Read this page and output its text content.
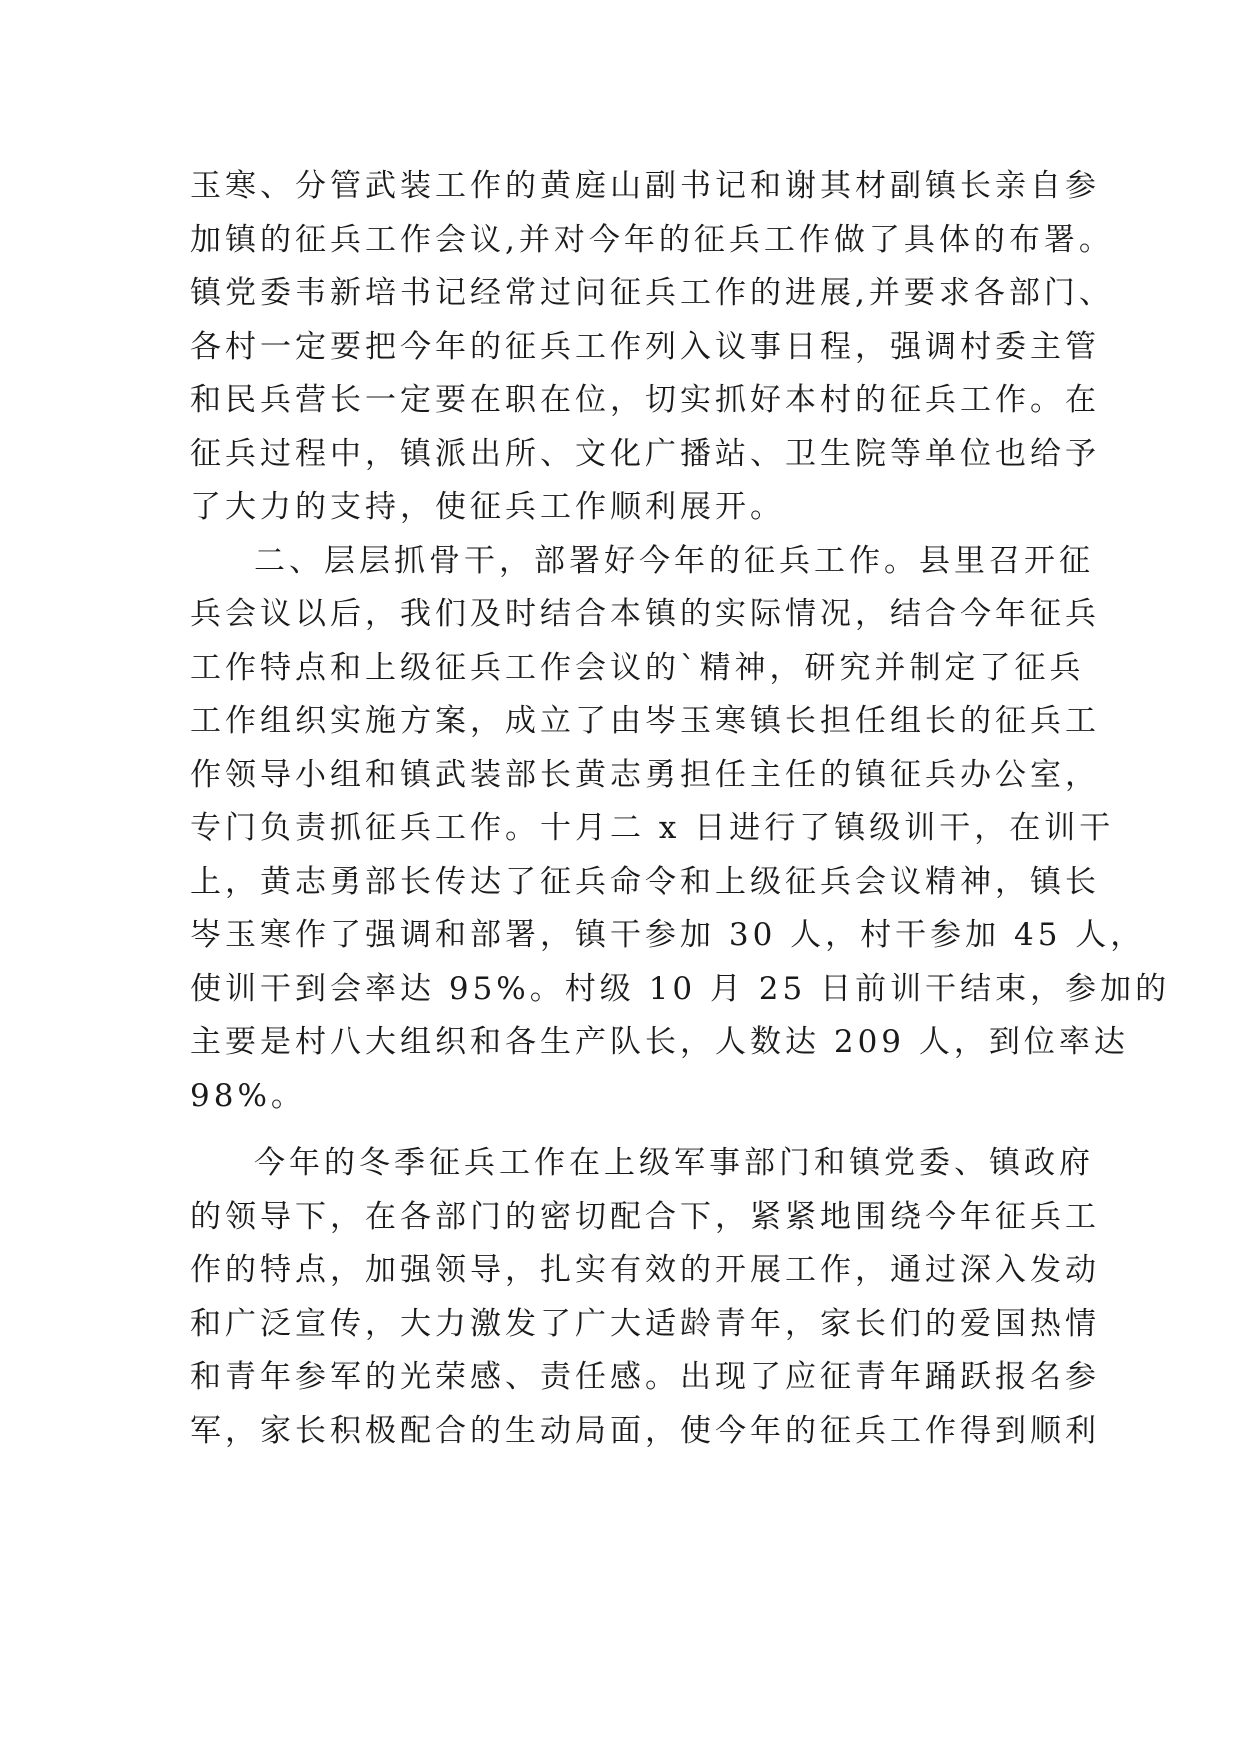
玉寒、分管武装工作的黄庭山副书记和谢其材副镇长亲自参
加镇的征兵工作会议,并对今年的征兵工作做了具体的布署。
镇党委韦新培书记经常过问征兵工作的进展,并要求各部门、
各村一定要把今年的征兵工作列入议事日程，强调村委主管
和民兵营长一定要在职在位，切实抓好本村的征兵工作。在
征兵过程中，镇派出所、文化广播站、卫生院等单位也给予
了大力的支持，使征兵工作顺利展开。
二、层层抓骨干，部署好今年的征兵工作。县里召开征
兵会议以后，我们及时结合本镇的实际情况，结合今年征兵
工作特点和上级征兵工作会议的`精神，研究并制定了征兵
工作组织实施方案，成立了由岑玉寒镇长担任组长的征兵工
作领导小组和镇武装部长黄志勇担任主任的镇征兵办公室，
专门负责抓征兵工作。十月二 x 日进行了镇级训干，在训干
上，黄志勇部长传达了征兵命令和上级征兵会议精神，镇长
岑玉寒作了强调和部署，镇干参加 30 人，村干参加 45 人，
使训干到会率达 95%。村级 10 月 25 日前训干结束，参加的
主要是村八大组织和各生产队长，人数达 209 人，到位率达
98%。
今年的冬季征兵工作在上级军事部门和镇党委、镇政府
的领导下，在各部门的密切配合下，紧紧地围绕今年征兵工
作的特点，加强领导，扎实有效的开展工作，通过深入发动
和广泛宣传，大力激发了广大适龄青年，家长们的爱国热情
和青年参军的光荣感、责任感。出现了应征青年踊跃报名参
军，家长积极配合的生动局面，使今年的征兵工作得到顺利
